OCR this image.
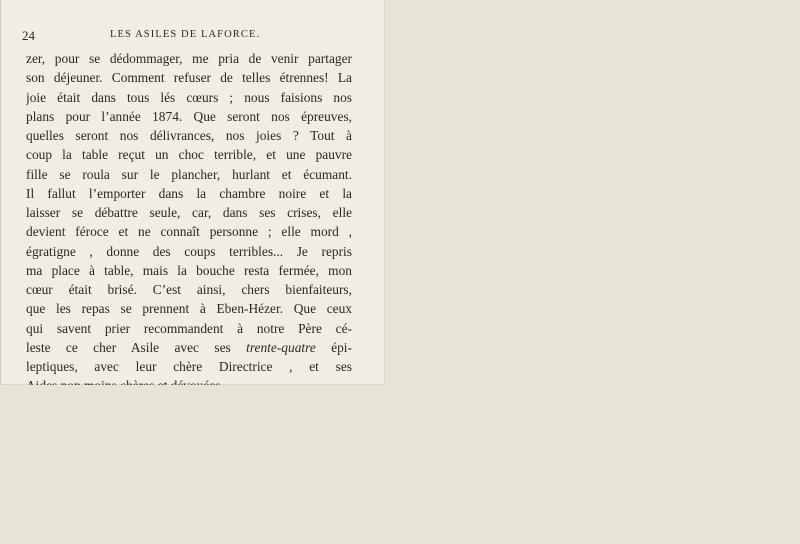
24	LES ASILES DE LAFORCE.
zer, pour se dédommager, me pria de venir partager
son déjeuner. Comment refuser de telles étrennes! La
joie était dans tous lés cœurs ; nous faisions nos
plans pour l’année 1874. Que seront nos épreuves,
quelles seront nos délivrances, nos joies ? Tout à
coup la table reçut un choc terrible, et une pauvre
fille se roula sur le plancher, hurlant et écumant.
Il fallut l’emporter dans la chambre noire et la
laisser se débattre seule, car, dans ses crises, elle
devient féroce et ne connaît personne ; elle mord ,
égratigne , donne des coups terribles... Je repris
ma place à table, mais la bouche resta fermée, mon
cœur était brisé. C’est ainsi, chers bienfaiteurs,
que les repas se prennent à Eben-Hézer. Que ceux
qui savent prier recommandent à notre Père cé-
leste ce cher Asile avec ses trente-quatre épi-
leptiques, avec leur chère Directrice , et ses
